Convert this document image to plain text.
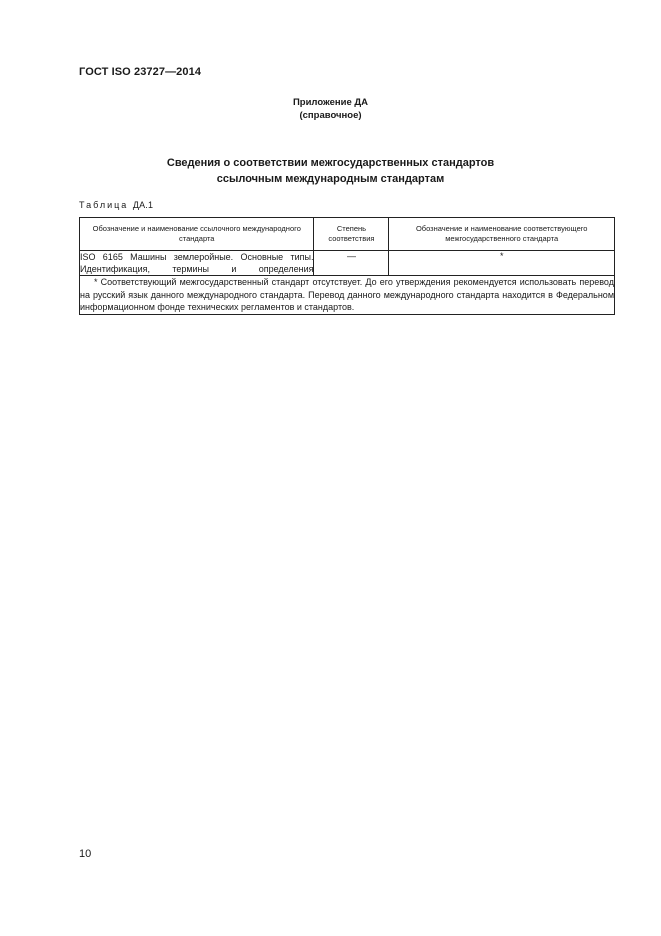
ГОСТ ISO 23727—2014
Приложение ДА
(справочное)
Сведения о соответствии межгосударственных стандартов
ссылочным международным стандартам
Таблица ДА.1
Обозначение и наименование ссылочного международного стандарта	Степень соответствия	Обозначение и наименование соответствующего межгосударственного стандарта
ISO 6165 Машины землеройные. Основные типы. Идентификация, термины и определения	—	*
* Соответствующий межгосударственный стандарт отсутствует. До его утверждения рекомендуется использовать перевод на русский язык данного международного стандарта. Перевод данного международного стандарта находится в Федеральном информационном фонде технических регламентов и стандартов.		
10
